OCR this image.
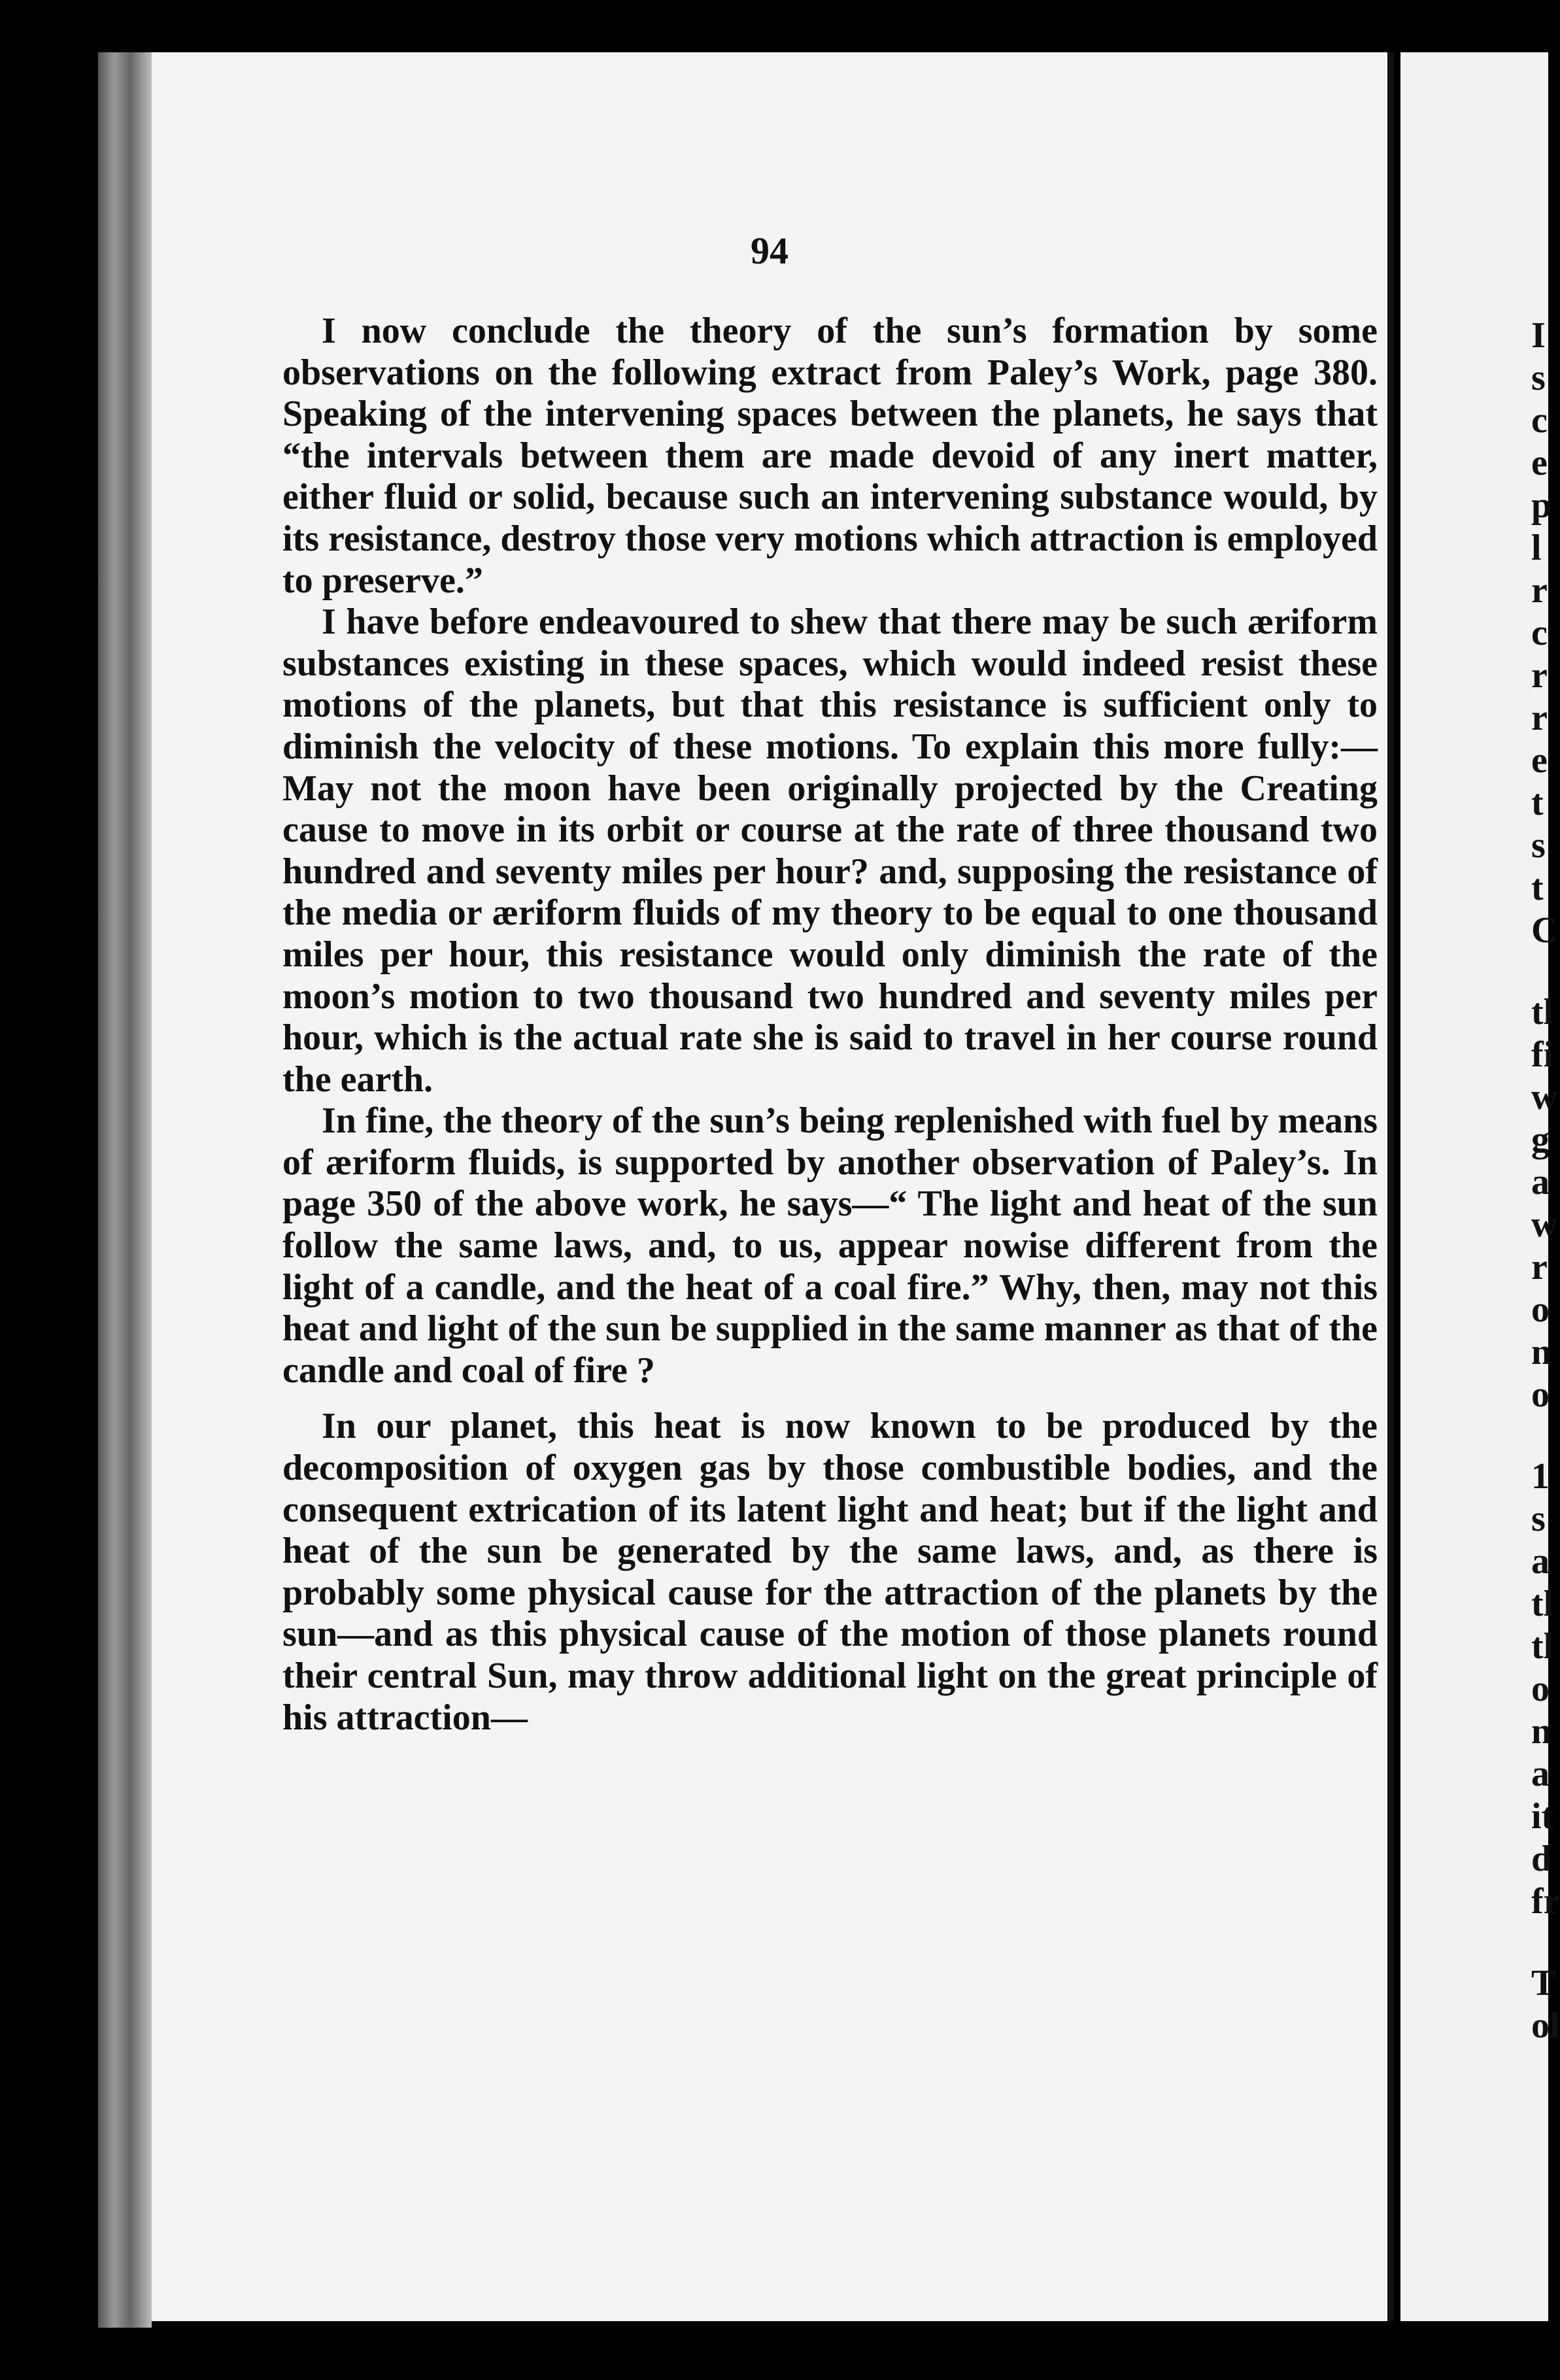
94

I now conclude the theory of the sun’s formation by some observations on the following extract from Paley’s Work, page 380. Speaking of the intervening spaces between the planets, he says that “the intervals between them are made devoid of any inert matter, either fluid or solid, because such an intervening substance would, by its resistance, destroy those very motions which attraction is employed to preserve.”

I have before endeavoured to shew that there may be such æriform substances existing in these spaces, which would indeed resist these motions of the planets, but that this resistance is sufficient only to diminish the velocity of these motions. To explain this more fully:—May not the moon have been originally projected by the Creating cause to move in its orbit or course at the rate of three thousand two hundred and seventy miles per hour? and, supposing the resistance of the media or æriform fluids of my theory to be equal to one thousand miles per hour, this resistance would only diminish the rate of the moon’s motion to two thousand two hundred and seventy miles per hour, which is the actual rate she is said to travel in her course round the earth.

In fine, the theory of the sun’s being replenished with fuel by means of æriform fluids, is supported by another observation of Paley’s. In page 350 of the above work, he says—“ The light and heat of the sun follow the same laws, and, to us, appear nowise different from the light of a candle, and the heat of a coal fire.” Why, then, may not this heat and light of the sun be supplied in the same manner as that of the candle and coal of fire ?

In our planet, this heat is now known to be produced by the decomposition of oxygen gas by those combustible bodies, and the consequent extrication of its latent light and heat; but if the light and heat of the sun be generated by the same laws, and, as there is probably some physical cause for the attraction of the planets by the sun—and as this physical cause of the motion of those planets round their central Sun, may throw additional light on the great principle of his attraction—

I
s
c
e
p
l
r
c
r
r
e
t
s
t
C
tl
fi
w
g
a
w
r
o
n
o
1
s
a
tl
tl
o
n
a
it
d
fr
T
ol
